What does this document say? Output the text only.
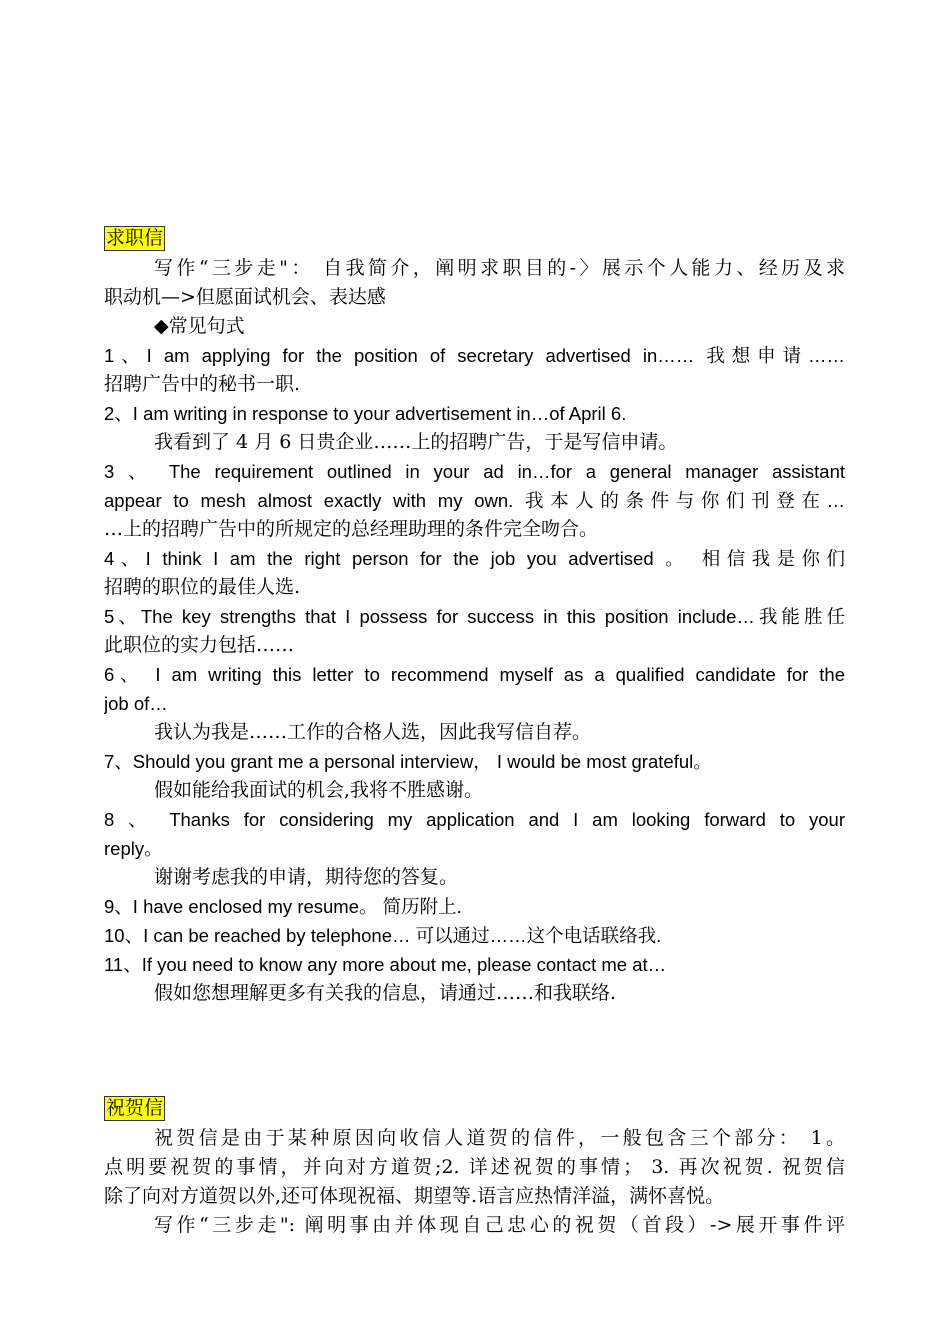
求职信
写作“三步走"： 自我简介，阐明求职目的-〉展示个人能力、经历及求
职动机—>但愿面试机会、表达感
◆常见句式
1、I am applying for the position of secretary advertised in…… 我想申请……
招聘广告中的秘书一职.
2、I am writing in response to your advertisement in…of April 6.
我看到了 4 月 6 日贵企业……上的招聘广告，于是写信申请。
3 、 The requirement outlined in your ad in…for a general manager assistant
appear to mesh almost exactly with my own. 我本人的条件与你们刊登在…
…上的招聘广告中的所规定的总经理助理的条件完全吻合。
4、I think I am the right person for the job you advertised 。 相信我是你们
招聘的职位的最佳人选.
5、The key strengths that I possess for success in this position include…我能胜任
此职位的实力包括……
6、 I am writing this letter to recommend myself as a qualified candidate for the
job of…
我认为我是……工作的合格人选，因此我写信自荐。
7、Should you grant me a personal interview， I would be most grateful。
假如能给我面试的机会,我将不胜感谢。
8 、 Thanks for considering my application and I am looking forward to your
reply。
谢谢考虑我的申请，期待您的答复。
9、I have enclosed my resume。 简历附上.
10、I can be reached by telephone… 可以通过……这个电话联络我.
11、If you need to know any more about me, please contact me at…
假如您想理解更多有关我的信息，请通过……和我联络.
祝贺信
祝贺信是由于某种原因向收信人道贺的信件，一般包含三个部分： 1。
点明要祝贺的事情，并向对方道贺;2. 详述祝贺的事情； 3. 再次祝贺. 祝贺信
除了向对方道贺以外,还可体现祝福、期望等.语言应热情洋溢，满怀喜悦。
写作“三步走": 阐明事由并体现自己忠心的祝贺（首段）->展开事件评
